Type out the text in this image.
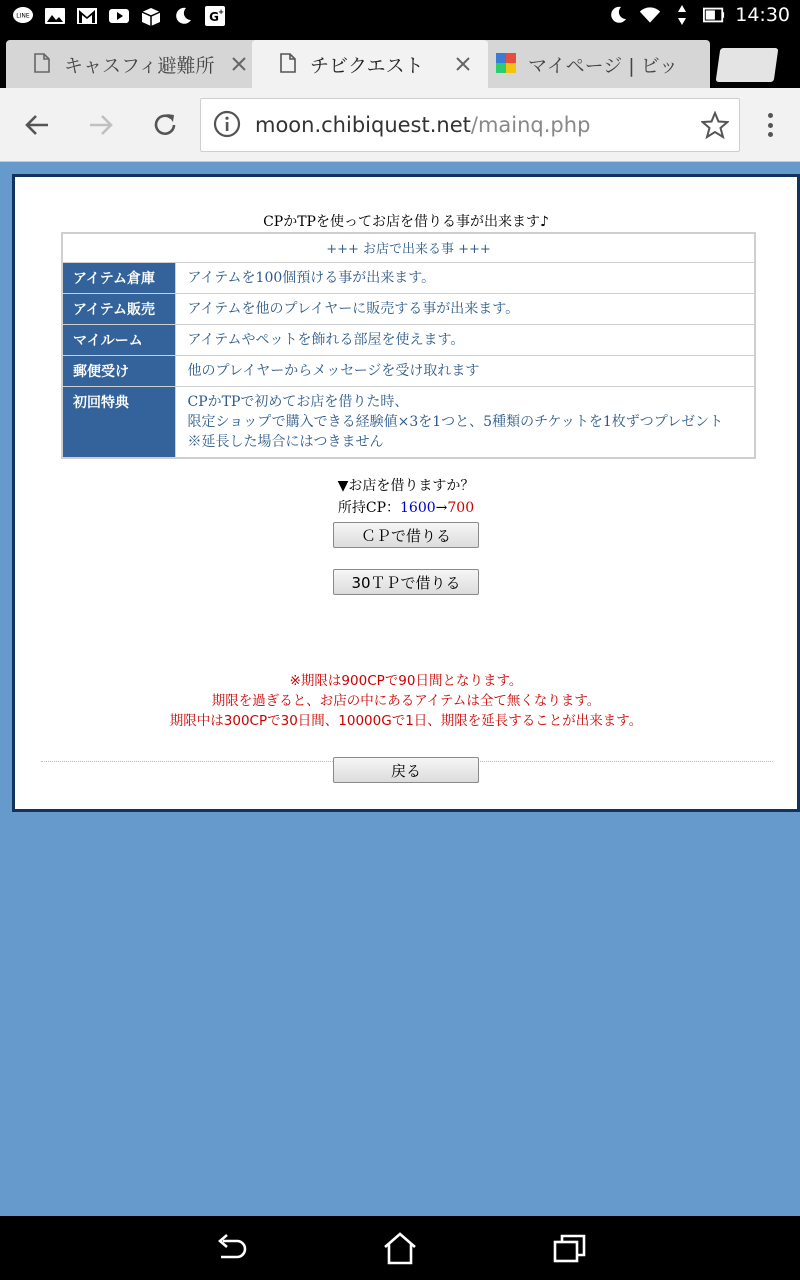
LINE	G +	14:30
キャスフィ避難所	チビクエスト	マイページ | ビッ
moon.chibiquest.net/mainq.php
CPかTPを使ってお店を借りる事が出来ます♪
+++ お店で出来る事 +++	
アイテム倉庫	アイテムを100個預ける事が出来ます。
アイテム販売	アイテムを他のプレイヤーに販売する事が出来ます。
マイルーム	アイテムやペットを飾れる部屋を使えます。
郵便受け	他のプレイヤーからメッセージを受け取れます
初回特典	CPかTPで初めてお店を借りた時、
限定ショップで購入できる経験値×3を1つと、5種類のチケットを1枚ずつプレゼント
※延長した場合にはつきません
▼お店を借りますか？
所持CP：1600→700
ＣＰで借りる
30ＴＰで借りる
※期限は900CPで90日間となります。
期限を過ぎると、お店の中にあるアイテムは全て無くなります。
期限中は300CPで30日間、10000Gで1日、期限を延長することが出来ます。
戻る
